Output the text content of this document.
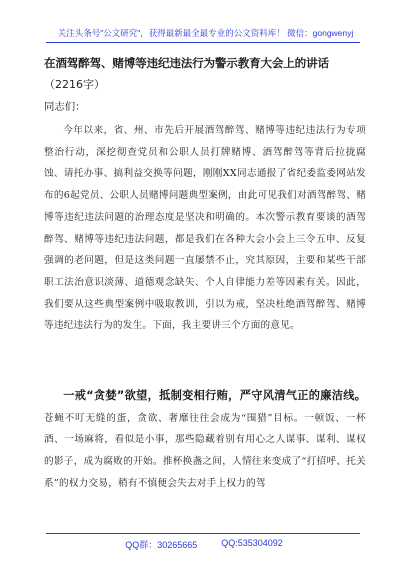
关注头条号"公文研究"，获得最新最全最专业的公文资料库！ 微信：gongwenyj
在酒驾醉驾、赌博等违纪违法行为警示教育大会上的讲话
（2216字）
同志们：

今年以来，省、州、市先后开展酒驾醉驾、赌博等违纪违法行为专项整治行动，深挖彻查党员和公职人员打牌赌博、酒驾醉驾等背后拉拢腐蚀、请托办事、搞利益交换等问题，刚刚XX同志通报了省纪委监委网站发布的6起党员、公职人员赌博问题典型案例，由此可见我们对酒驾醉驾、赌博等违纪违法问题的治理态度是坚决和明确的。本次警示教育要谈的酒驾醉驾、赌博等违纪违法问题，都是我们在各种大会小会上三令五申、反复强调的老问题，但是这类问题一直屡禁不止，究其原因，主要和某些干部职工法治意识淡薄、道德观念缺失、个人自律能力差等因素有关。因此，我们要从这些典型案例中吸取教训，引以为戒，坚决杜绝酒驾醉驾、赌博等违纪违法行为的发生。下面，我主要讲三个方面的意见。

一戒“贪婪”欲望，抵制变相行贿，严守风清气正的廉洁线。苍蝇不叮无缝的蛋，贪欲、奢靡往往会成为“围猎”目标。一顿饭、一杯酒、一场麻将，看似是小事，那些隐藏着别有用心之人谋事、谋利、谋权的影子，成为腐败的开始。推杯换盏之间，人情往来变成了“打招呼、托关系”的权力交易，稍有不慎便会失去对手上权力的驾

QQ群：30265665	QQ:535304092
